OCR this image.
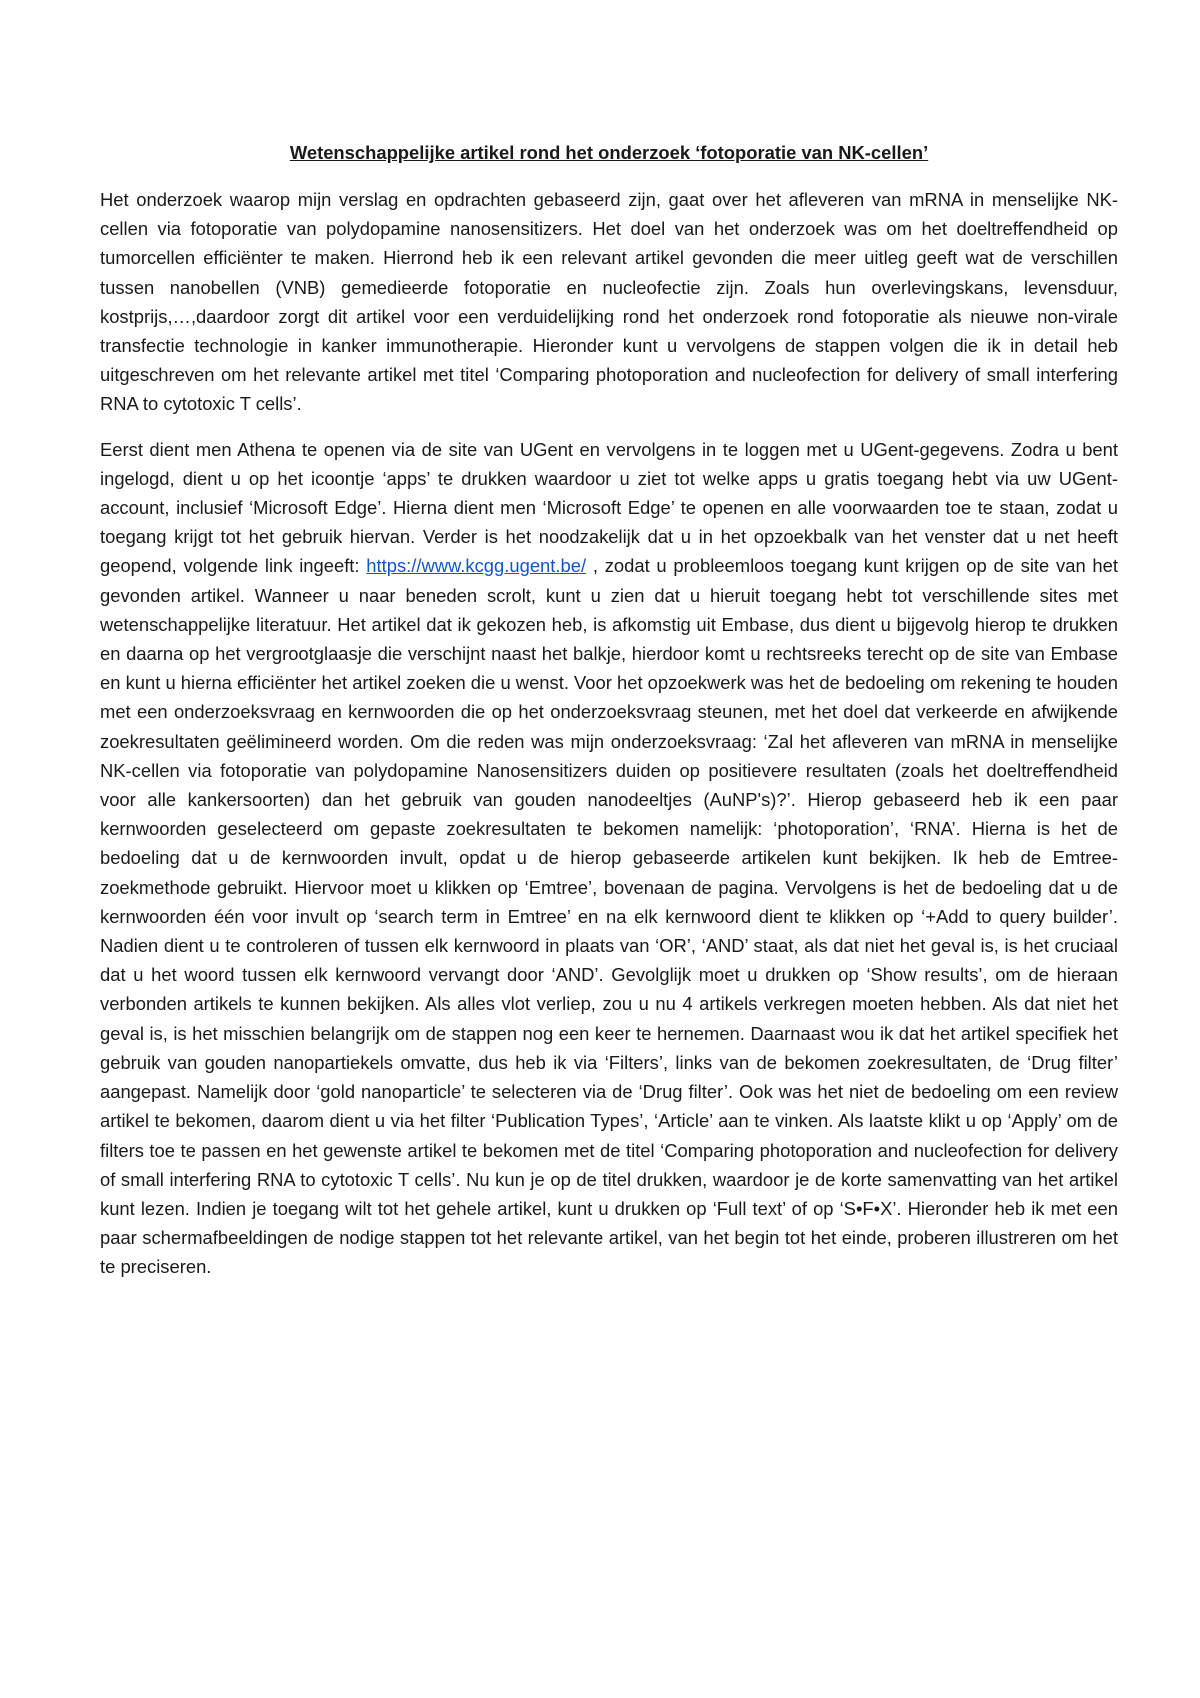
Wetenschappelijke artikel rond het onderzoek ‘fotoporatie van NK-cellen’

Het onderzoek waarop mijn verslag en opdrachten gebaseerd zijn, gaat over het afleveren van mRNA in menselijke NK-cellen via fotoporatie van polydopamine nanosensitizers. Het doel van het onderzoek was om het doeltreffendheid op tumorcellen efficiënter te maken. Hierrond heb ik een relevant artikel gevonden die meer uitleg geeft wat de verschillen tussen nanobellen (VNB) gemedieerde fotoporatie en nucleofectie zijn. Zoals hun overlevingskans, levensduur, kostprijs,…,daardoor zorgt dit artikel voor een verduidelijking rond het onderzoek rond fotoporatie als nieuwe non-virale transfectie technologie in kanker immunotherapie. Hieronder kunt u vervolgens de stappen volgen die ik in detail heb uitgeschreven om het relevante artikel met titel ‘Comparing photoporation and nucleofection for delivery of small interfering RNA to cytotoxic T cells’.

Eerst dient men Athena te openen via de site van UGent en vervolgens in te loggen met u UGent-gegevens. Zodra u bent ingelogd, dient u op het icoontje ‘apps’ te drukken waardoor u ziet tot welke apps u gratis toegang hebt via uw UGent-account, inclusief ‘Microsoft Edge’. Hierna dient men ‘Microsoft Edge’ te openen en alle voorwaarden toe te staan, zodat u toegang krijgt tot het gebruik hiervan. Verder is het noodzakelijk dat u in het opzoekbalk van het venster dat u net heeft geopend, volgende link ingeeft: https://www.kcgg.ugent.be/ , zodat u probleemloos toegang kunt krijgen op de site van het gevonden artikel. Wanneer u naar beneden scrolt, kunt u zien dat u hieruit toegang hebt tot verschillende sites met wetenschappelijke literatuur. Het artikel dat ik gekozen heb, is afkomstig uit Embase, dus dient u bijgevolg hierop te drukken en daarna op het vergrootglaasje die verschijnt naast het balkje, hierdoor komt u rechtsreeks terecht op de site van Embase en kunt u hierna efficiënter het artikel zoeken die u wenst. Voor het opzoekwerk was het de bedoeling om rekening te houden met een onderzoeksvraag en kernwoorden die op het onderzoeksvraag steunen, met het doel dat verkeerde en afwijkende zoekresultaten geëlimineerd worden. Om die reden was mijn onderzoeksvraag: ‘Zal het afleveren van mRNA in menselijke NK-cellen via fotoporatie van polydopamine Nanosensitizers duiden op positievere resultaten (zoals het doeltreffendheid voor alle kankersoorten) dan het gebruik van gouden nanodeeltjes (AuNP's)?’. Hierop gebaseerd heb ik een paar kernwoorden geselecteerd om gepaste zoekresultaten te bekomen namelijk: ‘photoporation’, ‘RNA’. Hierna is het de bedoeling dat u de kernwoorden invult, opdat u de hierop gebaseerde artikelen kunt bekijken. Ik heb de Emtree-zoekmethode gebruikt. Hiervoor moet u klikken op ‘Emtree’, bovenaan de pagina. Vervolgens is het de bedoeling dat u de kernwoorden één voor invult op ‘search term in Emtree’ en na elk kernwoord dient te klikken op ‘+Add to query builder’. Nadien dient u te controleren of tussen elk kernwoord in plaats van ‘OR’, ‘AND’ staat, als dat niet het geval is, is het cruciaal dat u het woord tussen elk kernwoord vervangt door ‘AND’. Gevolglijk moet u drukken op ‘Show results’, om de hieraan verbonden artikels te kunnen bekijken. Als alles vlot verliep, zou u nu 4 artikels verkregen moeten hebben. Als dat niet het geval is, is het misschien belangrijk om de stappen nog een keer te hernemen. Daarnaast wou ik dat het artikel specifiek het gebruik van gouden nanopartiekels omvatte, dus heb ik via ‘Filters’, links van de bekomen zoekresultaten, de ‘Drug filter’ aangepast. Namelijk door ‘gold nanoparticle’ te selecteren via de ‘Drug filter’. Ook was het niet de bedoeling om een review artikel te bekomen, daarom dient u via het filter ‘Publication Types’, ‘Article’ aan te vinken. Als laatste klikt u op ‘Apply’ om de filters toe te passen en het gewenste artikel te bekomen met de titel ‘Comparing photoporation and nucleofection for delivery of small interfering RNA to cytotoxic T cells’. Nu kun je op de titel drukken, waardoor je de korte samenvatting van het artikel kunt lezen. Indien je toegang wilt tot het gehele artikel, kunt u drukken op ‘Full text’ of op ‘S•F•X’. Hieronder heb ik met een paar schermafbeeldingen de nodige stappen tot het relevante artikel, van het begin tot het einde, proberen illustreren om het te preciseren.
